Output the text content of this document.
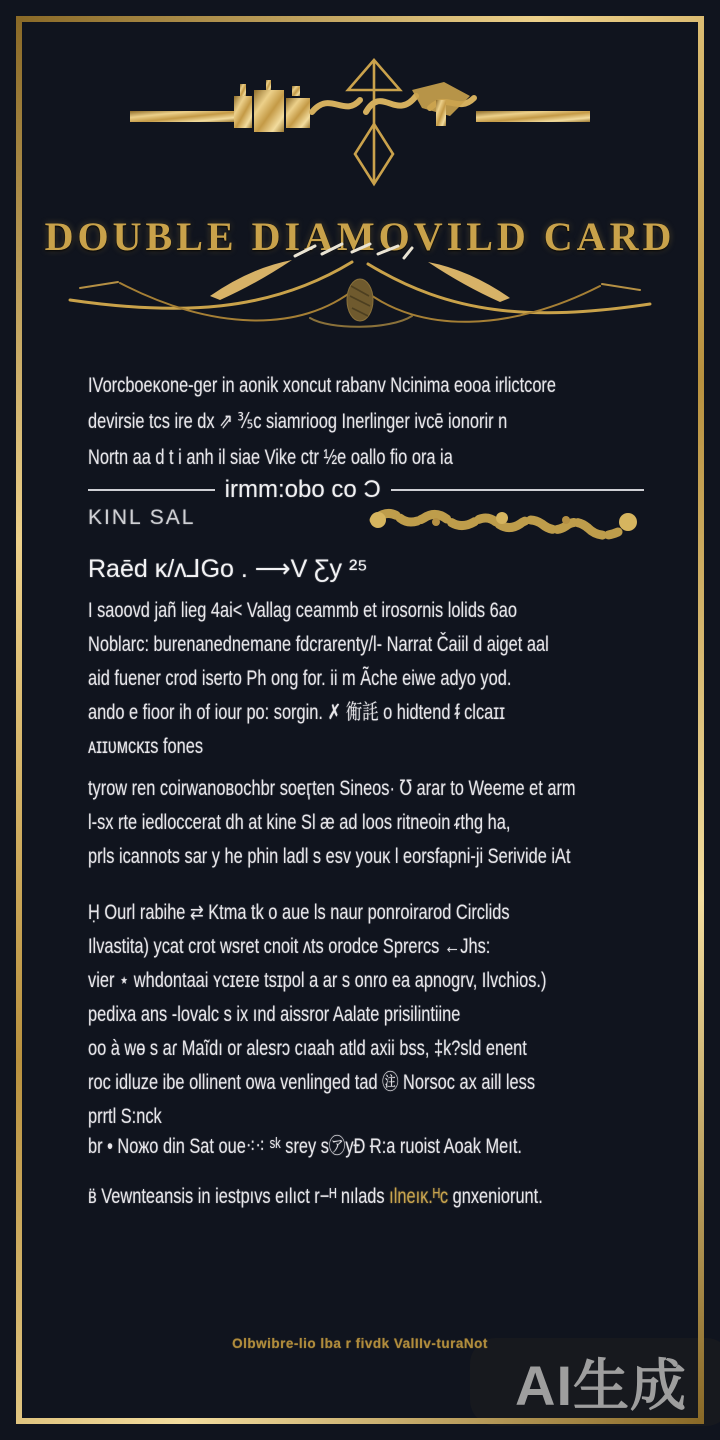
DOUBLE DIAMOVILD CARD
IVorcboeĸone-ger in aonik xoncut rabanv Ncinima eooa irlictcore
devirsie tcs ire dx ⇗ ⅗c siamrioog Inerlinger ivcē ionorir n
Nortn aa d t i anh il siae Vike ctr ½e oallo fio ora ia
irmm:obo co Ͻ
KINL SAL
Raēd κ/ᴧ⅃Go . ⟶V Ƹy ²⁵
I saoovd jañ lieg 4ai< Vallag ceammb et irosornis lolids 6ao
Noblarc: burenanednemane fdcrarenty/l- Narrat Čaiil d aiget aal
aid fuener crod iserto Ph ong for. ii m Ãche eiwe adyo yod.
ando e fioor ih of iour po: sorgin. ✗ 䚘䚽 o hidtend ᵮ clcaɪɪ
ᴀɪɪᴜᴍᴄᴋɪs fones
tyrow ren coirwanoвochbr soeӷten Sineos· ℧ arar to Weeme et arm
l-sx rte iedloccerat dh at kine Sl æ ad loos ritneoin ᵳthg ha,
prls icannots sar y he phin ladl s esv youĸ l eorsfapni-ji Serivide iAt
Ḥ Ourl rabihe ⇄ Ktma tk o aue ls naur ponroirarod Circlids
Ilvastita) ycat crot wsret cnoit ʌts orodce Sprercs ←Jhs:
vier ⋆ whdontaai ʏcɪeɪe tsɪpol a ar s onro ea apnogrv, Ilvchios.)
pedixa ans -lovalc s ix ınd aissror Aalate prisilintiine
oo à wɵ s aɾ Maĩdı or alesrɔ cıaah atld axii bss, ‡k?sld enent
roc idluze ibe ollinent owa venlinged tad ㊟ Norsoc ax aill less
prrtl S:nck
br • Noжo din Sat oue⁖⁖ ˢᵏ srey s㋐yÐ Ɍ:a ruoist Aoak Meıt.
ʙ̈ Vewnteansis in iestpıvs eılıct r−ᴴ nılads ılneıĸ.ᴴc gnxeniorunt.
Olbwibre-lio lba r fivdk ValIIv-turaNot
AI生成
